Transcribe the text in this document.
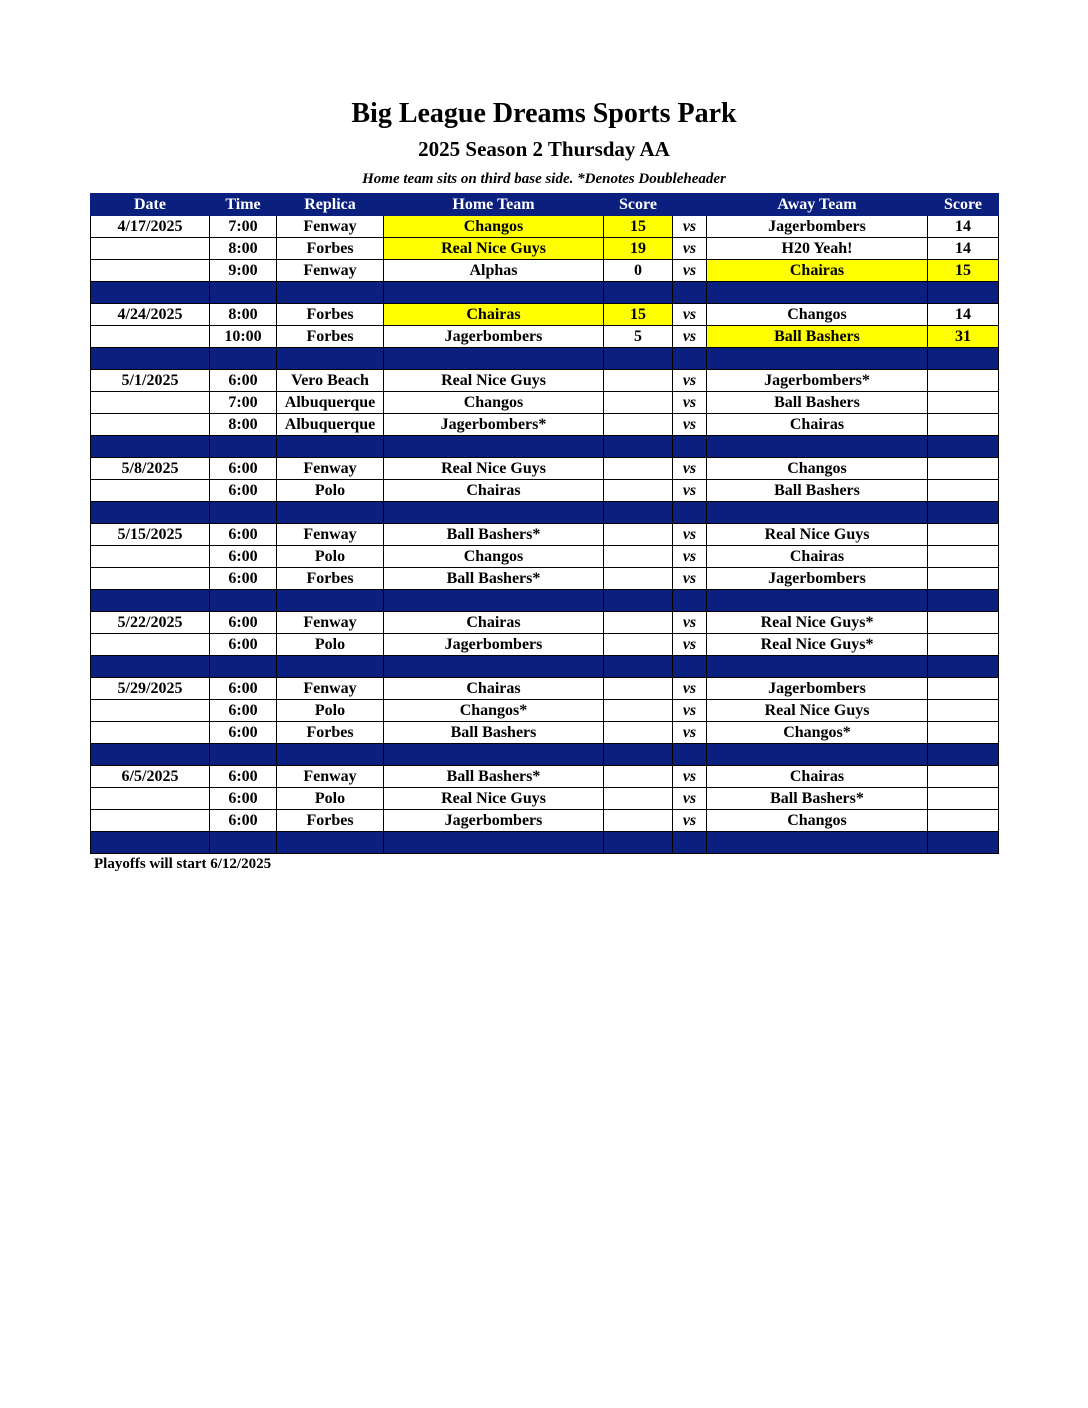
Big League Dreams Sports Park
2025 Season 2 Thursday AA
Home team sits on third base side. *Denotes Doubleheader
Date	Time	Replica	Home Team	Score		Away Team	Score
4/17/2025	7:00	Fenway	Changos	15	vs	Jagerbombers	14
	8:00	Forbes	Real Nice Guys	19	vs	H20 Yeah!	14
	9:00	Fenway	Alphas	0	vs	Chairas	15

4/24/2025	8:00	Forbes	Chairas	15	vs	Changos	14
	10:00	Forbes	Jagerbombers	5	vs	Ball Bashers	31

5/1/2025	6:00	Vero Beach	Real Nice Guys		vs	Jagerbombers*	
	7:00	Albuquerque	Changos		vs	Ball Bashers	
	8:00	Albuquerque	Jagerbombers*		vs	Chairas	

5/8/2025	6:00	Fenway	Real Nice Guys		vs	Changos	
	6:00	Polo	Chairas		vs	Ball Bashers	

5/15/2025	6:00	Fenway	Ball Bashers*		vs	Real Nice Guys	
	6:00	Polo	Changos		vs	Chairas	
	6:00	Forbes	Ball Bashers*		vs	Jagerbombers	

5/22/2025	6:00	Fenway	Chairas		vs	Real Nice Guys*	
	6:00	Polo	Jagerbombers		vs	Real Nice Guys*	

5/29/2025	6:00	Fenway	Chairas		vs	Jagerbombers	
	6:00	Polo	Changos*		vs	Real Nice Guys	
	6:00	Forbes	Ball Bashers		vs	Changos*	

6/5/2025	6:00	Fenway	Ball Bashers*		vs	Chairas	
	6:00	Polo	Real Nice Guys		vs	Ball Bashers*	
	6:00	Forbes	Jagerbombers		vs	Changos	

Playoffs will start 6/12/2025
